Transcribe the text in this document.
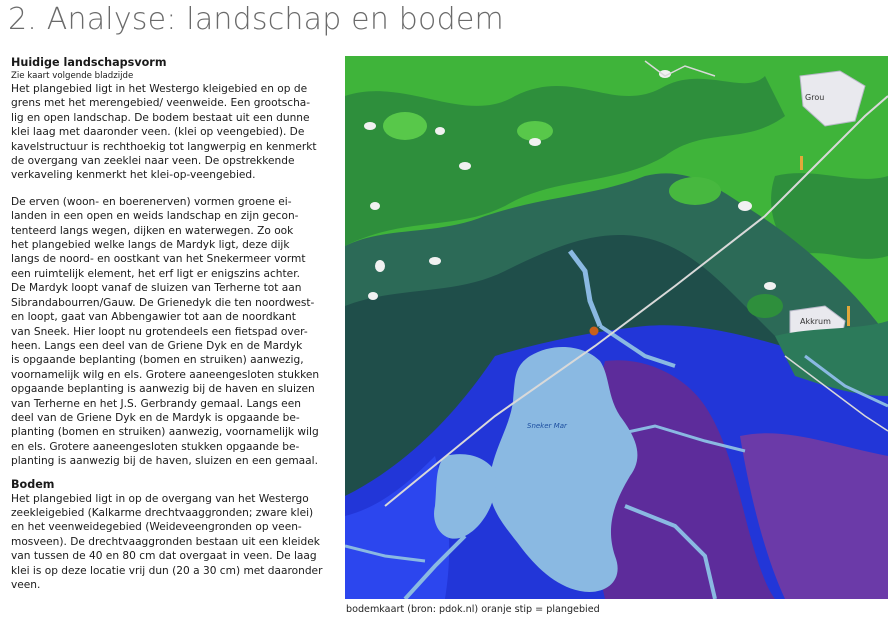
2. Analyse: landschap en bodem

Huidige landschapsvorm

Zie kaart volgende bladzijde

Het plangebied ligt in het Westergo kleigebied en op de

grens met het merengebied/ veenweide. Een grootscha-

lig en open landschap. De bodem bestaat uit een dunne

klei laag met daaronder veen. (klei op veengebied). De

kavelstructuur is rechthoekig tot langwerpig en kenmerkt

de overgang van zeeklei naar veen. De opstrekkende

verkaveling kenmerkt het klei-op-veengebied.

De erven (woon- en boerenerven) vormen groene ei-

landen in een open en weids landschap en zijn gecon-

tenteerd langs wegen, dijken en waterwegen. Zo ook

het plangebied welke langs de Mardyk ligt, deze dijk

langs de noord- en oostkant van het Snekermeer vormt

een ruimtelijk element, het erf ligt er enigszins achter.

De Mardyk loopt vanaf de sluizen van Terherne tot aan

Sibrandabourren/Gauw. De Grienedyk die ten noordwest-

en loopt, gaat van Abbengawier tot aan de noordkant

van Sneek. Hier loopt nu grotendeels een fietspad over-

heen. Langs een deel van de Griene Dyk en de Mardyk

is opgaande beplanting (bomen en struiken) aanwezig,

voornamelijk wilg en els. Grotere aaneengesloten stukken

opgaande beplanting is aanwezig bij de haven en sluizen

van Terherne en het J.S. Gerbrandy gemaal. Langs een

deel van de Griene Dyk en de Mardyk is opgaande be-

planting (bomen en struiken) aanwezig, voornamelijk wilg

en els. Grotere aaneengesloten stukken opgaande be-

planting is aanwezig bij de haven, sluizen en een gemaal.

Bodem

Het plangebied ligt in op de overgang van het Westergo

zeekleigebied (Kalkarme drechtvaaggronden; zware klei)

en het veenweidegebied (Weideveengronden op veen-

mosveen). De drechtvaaggronden bestaan uit een kleidek

van tussen de 40 en 80 cm dat overgaat in veen. De laag

klei is op deze locatie vrij dun (20 a 30 cm) met daaronder

veen.

Grou
Akkrum
Sneker Mar
bodemkaart (bron: pdok.nl) oranje stip = plangebied
